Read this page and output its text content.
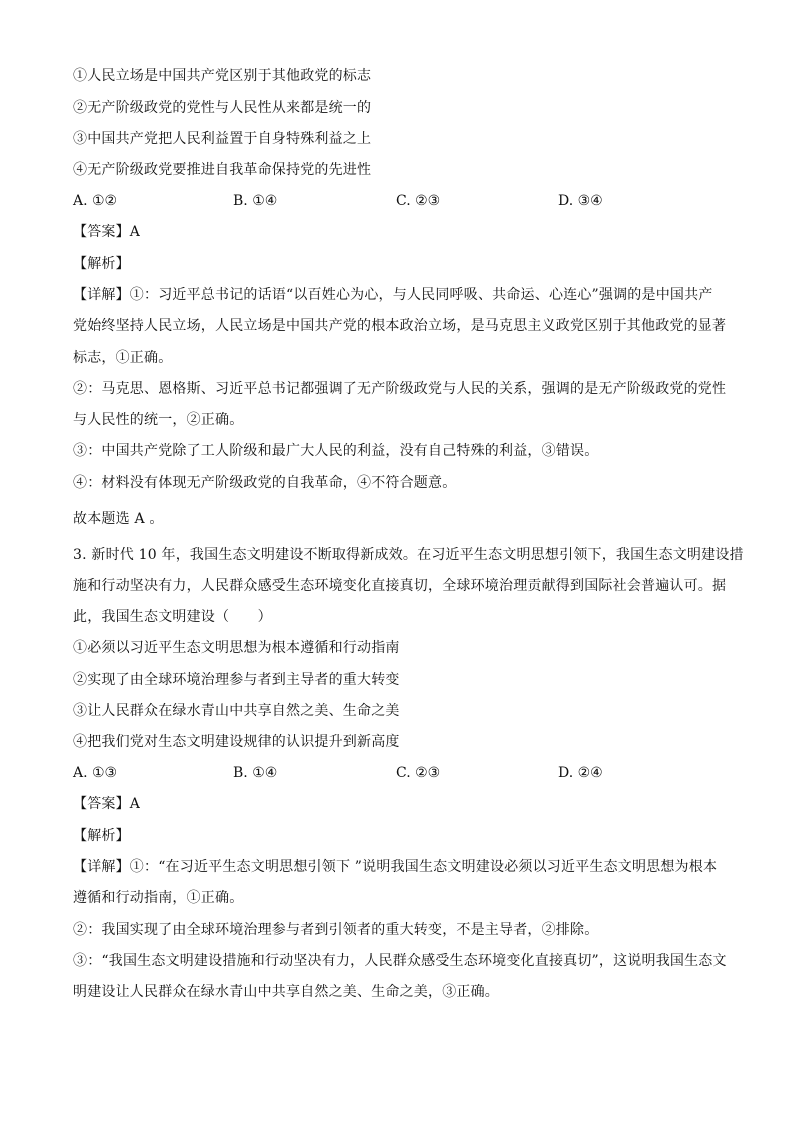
①人民立场是中国共产党区别于其他政党的标志
②无产阶级政党的党性与人民性从来都是统一的
③中国共产党把人民利益置于自身特殊利益之上
④无产阶级政党要推进自我革命保持党的先进性
A. ①②	B. ①④	C. ②③	D. ③④
【答案】A
【解析】
【详解】①：习近平总书记的话语“以百姓心为心，与人民同呼吸、共命运、心连心”强调的是中国共产
党始终坚持人民立场，人民立场是中国共产党的根本政治立场，是马克思主义政党区别于其他政党的显著
标志，①正确。
②：马克思、恩格斯、习近平总书记都强调了无产阶级政党与人民的关系，强调的是无产阶级政党的党性
与人民性的统一，②正确。
③：中国共产党除了工人阶级和最广大人民的利益，没有自己特殊的利益，③错误。
④：材料没有体现无产阶级政党的自我革命，④不符合题意。
故本题选 A 。
3. 新时代 10 年，我国生态文明建设不断取得新成效。在习近平生态文明思想引领下，我国生态文明建设措
施和行动坚决有力，人民群众感受生态环境变化直接真切，全球环境治理贡献得到国际社会普遍认可。据
此，我国生态文明建设（　　）
①必须以习近平生态文明思想为根本遵循和行动指南
②实现了由全球环境治理参与者到主导者的重大转变
③让人民群众在绿水青山中共享自然之美、生命之美
④把我们党对生态文明建设规律的认识提升到新高度
A. ①③	B. ①④	C. ②③	D. ②④
【答案】A
【解析】
【详解】①：“在习近平生态文明思想引领下 ”说明我国生态文明建设必须以习近平生态文明思想为根本
遵循和行动指南，①正确。
②：我国实现了由全球环境治理参与者到引领者的重大转变，不是主导者，②排除。
③：“我国生态文明建设措施和行动坚决有力，人民群众感受生态环境变化直接真切”，这说明我国生态文
明建设让人民群众在绿水青山中共享自然之美、生命之美，③正确。
